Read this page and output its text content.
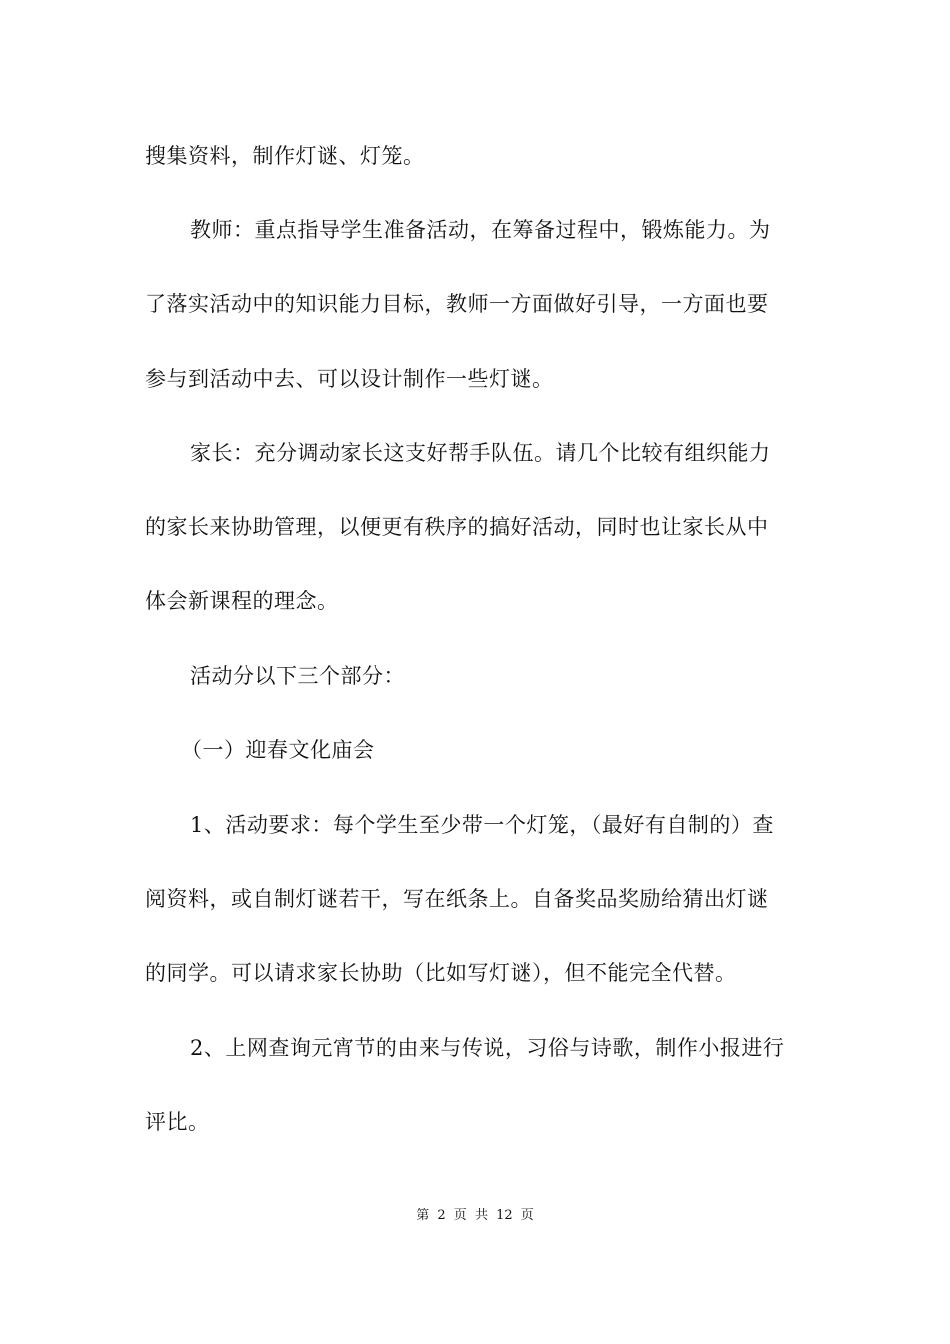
搜集资料，制作灯谜、灯笼。
教师：重点指导学生准备活动，在筹备过程中，锻炼能力。为
了落实活动中的知识能力目标，教师一方面做好引导，一方面也要
参与到活动中去、可以设计制作一些灯谜。
家长：充分调动家长这支好帮手队伍。请几个比较有组织能力
的家长来协助管理，以便更有秩序的搞好活动，同时也让家长从中
体会新课程的理念。
活动分以下三个部分：
（一）迎春文化庙会
1、活动要求：每个学生至少带一个灯笼，（最好有自制的）查
阅资料，或自制灯谜若干，写在纸条上。自备奖品奖励给猜出灯谜
的同学。可以请求家长协助（比如写灯谜），但不能完全代替。
2、上网查询元宵节的由来与传说，习俗与诗歌，制作小报进行
评比。
第 2 页 共 12 页
